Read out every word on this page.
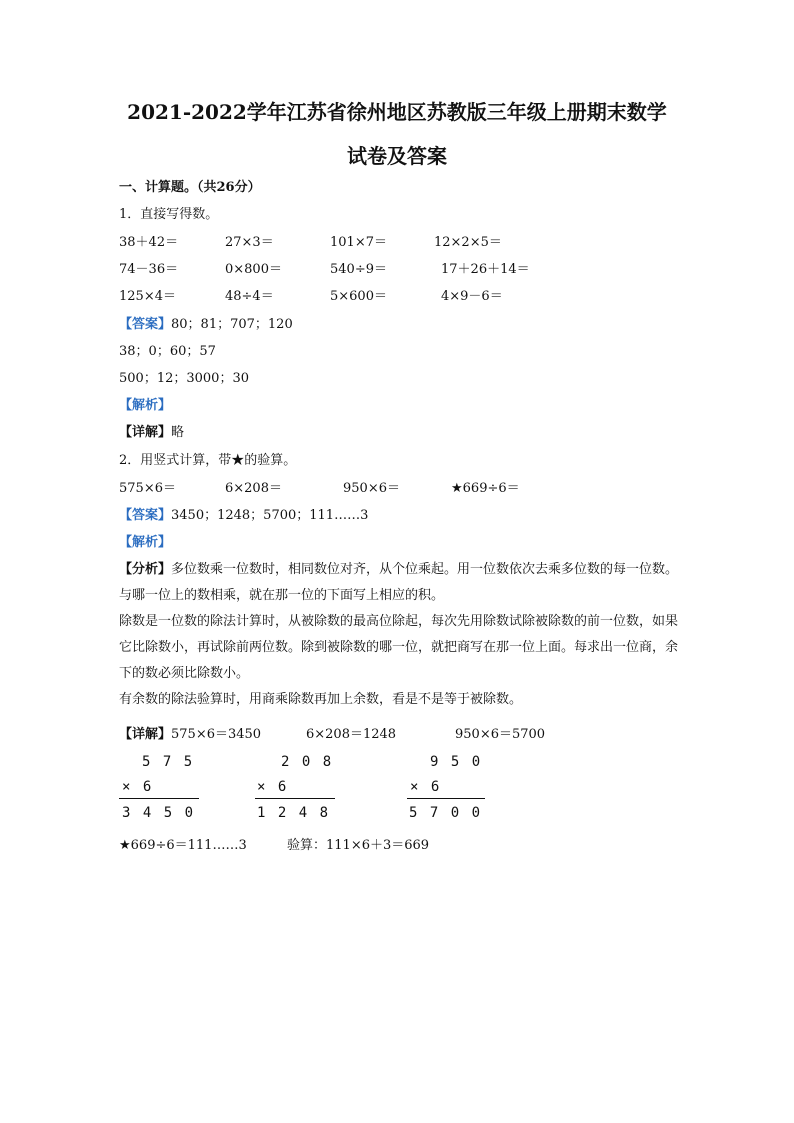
2021-2022学年江苏省徐州地区苏教版三年级上册期末数学
试卷及答案
一、计算题。（共26分）
1．直接写得数。
38＋42＝	27×3＝	101×7＝	12×2×5＝
74－36＝	0×800＝	540÷9＝	17＋26＋14＝
125×4＝	48÷4＝	5×600＝	4×9－6＝
【答案】80；81；707；120
38；0；60；57
500；12；3000；30
【解析】
【详解】略
2．用竖式计算，带★的验算。
575×6＝	6×208＝	950×6＝	★669÷6＝
【答案】3450；1248；5700；111……3
【解析】
【分析】多位数乘一位数时，相同数位对齐，从个位乘起。用一位数依次去乘多位数的每一位数。与哪一位上的数相乘，就在那一位的下面写上相应的积。
除数是一位数的除法计算时，从被除数的最高位除起，每次先用除数试除被除数的前一位数，如果它比除数小，再试除前两位数。除到被除数的哪一位，就把商写在那一位上面。每求出一位商，余下的数必须比除数小。
有余数的除法验算时，用商乘除数再加上余数，看是不是等于被除数。
【详解】575×6＝3450	6×208＝1248	950×6＝5700
5 7 5
× 6
3 4 5 0
2 0 8
× 6
1 2 4 8
9 5 0
× 6
5 7 0 0
★669÷6＝111……3	验算：111×6＋3＝669
